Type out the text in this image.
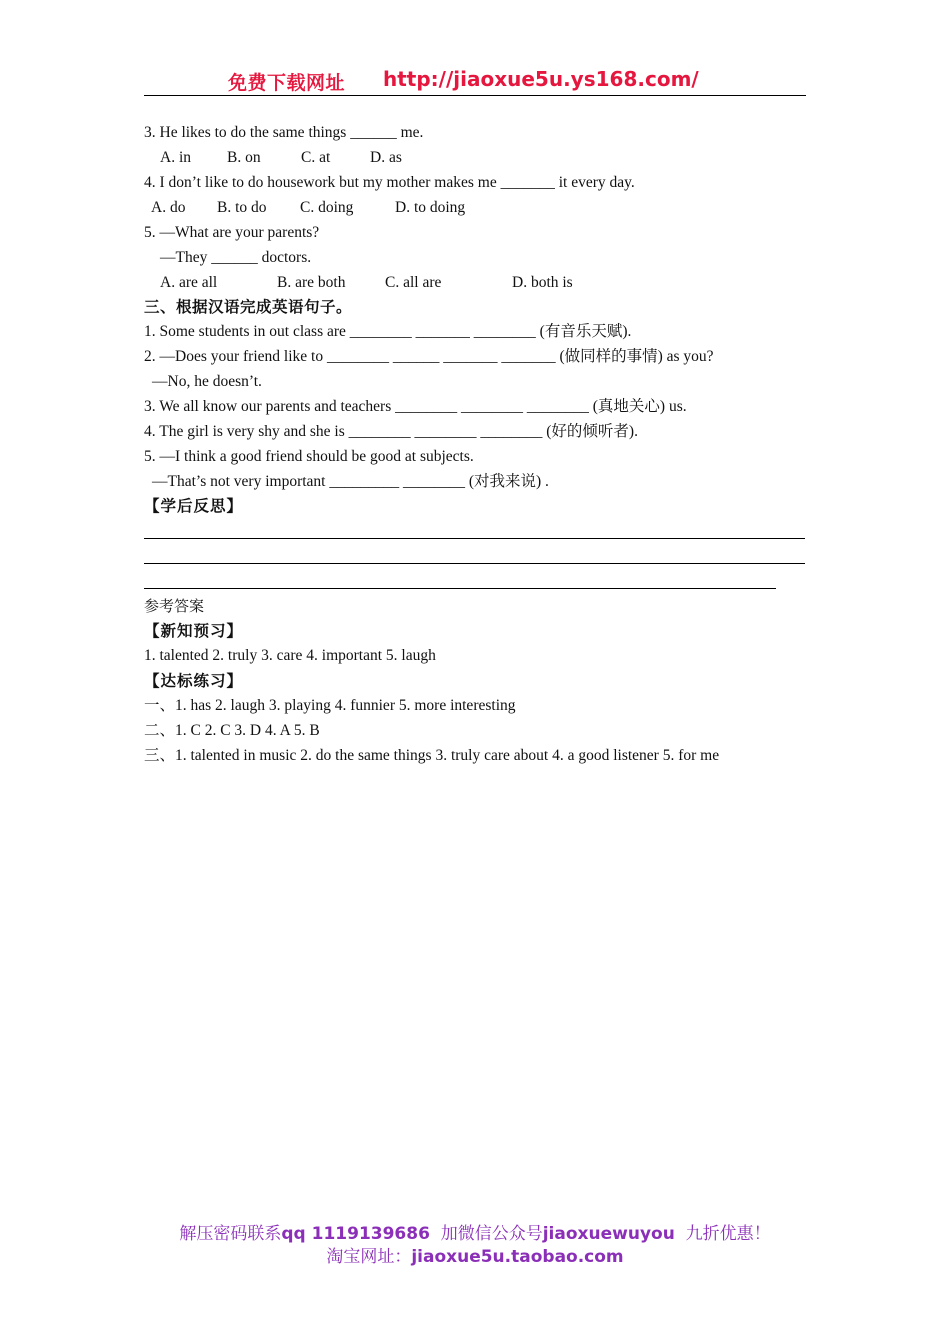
免费下载网址 http://jiaoxue5u.ys168.com/
3. He likes to do the same things ______ me.
A. in B. on	C. at	D. as
4. I don’t like to do housework but my mother makes me _______ it every day.
A. do B. to do C. doing	D. to doing
5. —What are your parents?
—They ______ doctors.
A. are all	B. are both	C. all are	D. both is
三、根据汉语完成英语句子。
1. Some students in out class are ________ _______ ________ (有音乐天赋).
2. —Does your friend like to ________ ______ _______ _______ (做同样的事情) as you?
—No, he doesn’t.
3. We all know our parents and teachers ________ ________ ________ (真地关心) us.
4. The girl is very shy and she is ________ ________ ________ (好的倾听者).
5. —I think a good friend should be good at subjects.
—That’s not very important _________ ________ (对我来说) .
【学后反思】
参考答案
【新知预习】
1. talented 2. truly 3. care 4. important 5. laugh
【达标练习】
一、1. has 2. laugh 3. playing 4. funnier 5. more interesting
二、1. C 2. C 3. D 4. A 5. B
三、1. talented in music 2. do the same things 3. truly care about 4. a good listener 5. for me
解压密码联系qq 1119139686 加微信公众号jiaoxuewuyou 九折优惠！
淘宝网址：jiaoxue5u.taobao.com
